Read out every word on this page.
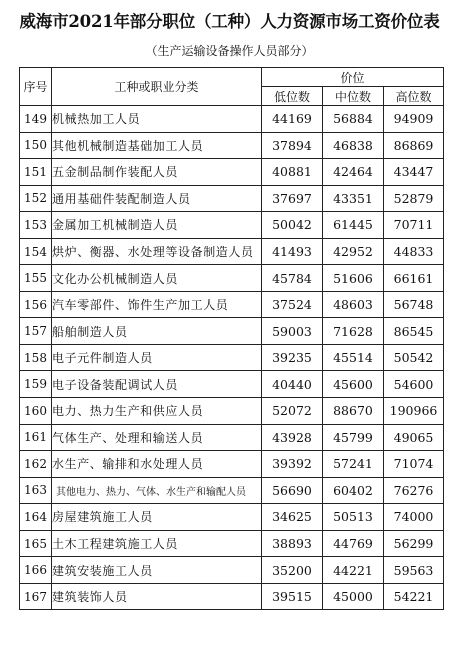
威海市2021年部分职位（工种）人力资源市场工资价位表
（生产运输设备操作人员部分）
序号	工种或职业分类	价位		
		低位数	中位数	高位数
149	机械热加工人员	44169	56884	94909
150	其他机械制造基础加工人员	37894	46838	86869
151	五金制品制作装配人员	40881	42464	43447
152	通用基础件装配制造人员	37697	43351	52879
153	金属加工机械制造人员	50042	61445	70711
154	烘炉、衡器、水处理等设备制造人员	41493	42952	44833
155	文化办公机械制造人员	45784	51606	66161
156	汽车零部件、饰件生产加工人员	37524	48603	56748
157	船舶制造人员	59003	71628	86545
158	电子元件制造人员	39235	45514	50542
159	电子设备装配调试人员	40440	45600	54600
160	电力、热力生产和供应人员	52072	88670	190966
161	气体生产、处理和输送人员	43928	45799	49065
162	水生产、输排和水处理人员	39392	57241	71074
163	其他电力、热力、气体、水生产和输配人员	56690	60402	76276
164	房屋建筑施工人员	34625	50513	74000
165	土木工程建筑施工人员	38893	44769	56299
166	建筑安装施工人员	35200	44221	59563
167	建筑装饰人员	39515	45000	54221
